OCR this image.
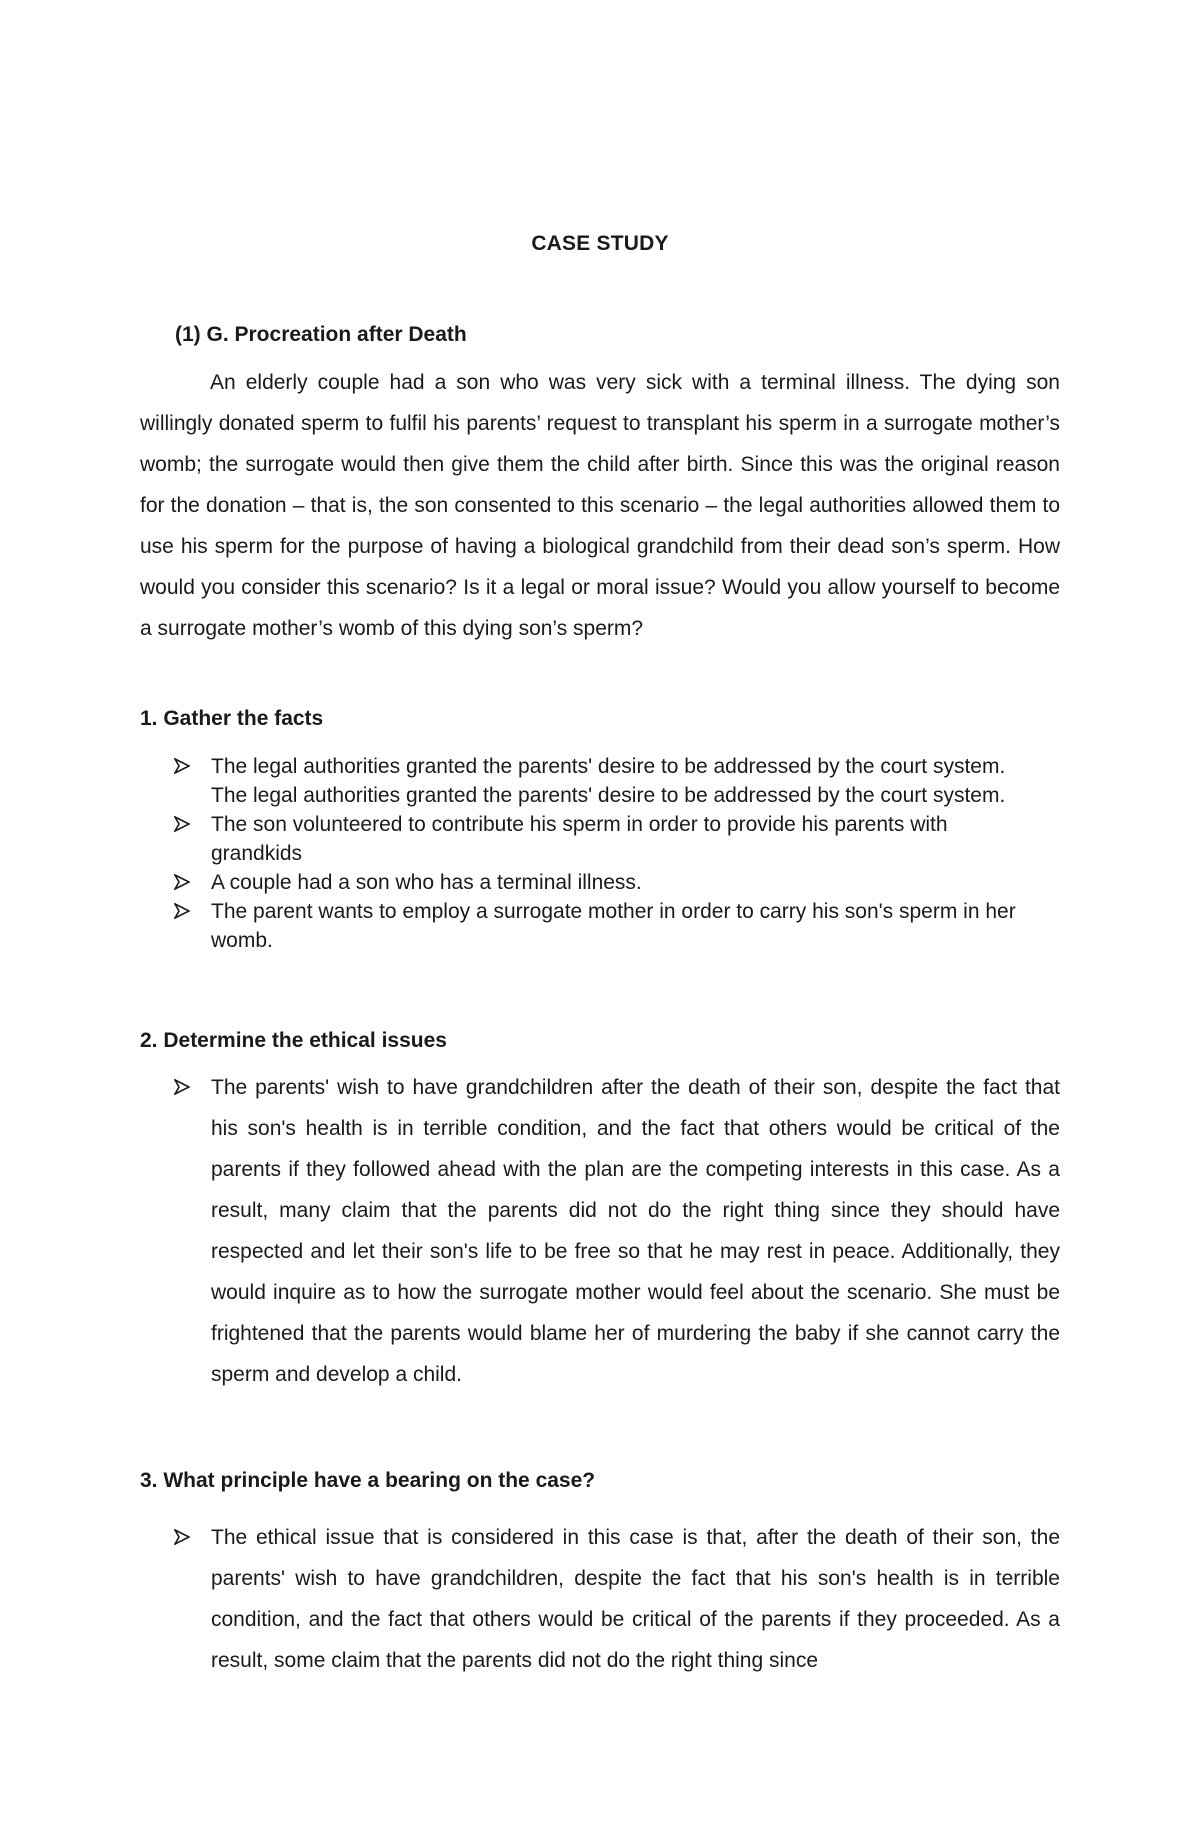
CASE STUDY
(1) G. Procreation after Death

An elderly couple had a son who was very sick with a terminal illness. The dying son willingly donated sperm to fulfil his parents’ request to transplant his sperm in a surrogate mother’s womb; the surrogate would then give them the child after birth. Since this was the original reason for the donation – that is, the son consented to this scenario – the legal authorities allowed them to use his sperm for the purpose of having a biological grandchild from their dead son’s sperm. How would you consider this scenario? Is it a legal or moral issue? Would you allow yourself to become a surrogate mother’s womb of this dying son’s sperm?

1. Gather the facts
The legal authorities granted the parents' desire to be addressed by the court system. The legal authorities granted the parents' desire to be addressed by the court system.
The son volunteered to contribute his sperm in order to provide his parents with grandkids
A couple had a son who has a terminal illness.
The parent wants to employ a surrogate mother in order to carry his son's sperm in her womb.
2. Determine the ethical issues
The parents' wish to have grandchildren after the death of their son, despite the fact that his son's health is in terrible condition, and the fact that others would be critical of the parents if they followed ahead with the plan are the competing interests in this case. As a result, many claim that the parents did not do the right thing since they should have respected and let their son's life to be free so that he may rest in peace. Additionally, they would inquire as to how the surrogate mother would feel about the scenario. She must be frightened that the parents would blame her of murdering the baby if she cannot carry the sperm and develop a child.
3. What principle have a bearing on the case?
The ethical issue that is considered in this case is that, after the death of their son, the parents' wish to have grandchildren, despite the fact that his son's health is in terrible condition, and the fact that others would be critical of the parents if they proceeded. As a result, some claim that the parents did not do the right thing since
